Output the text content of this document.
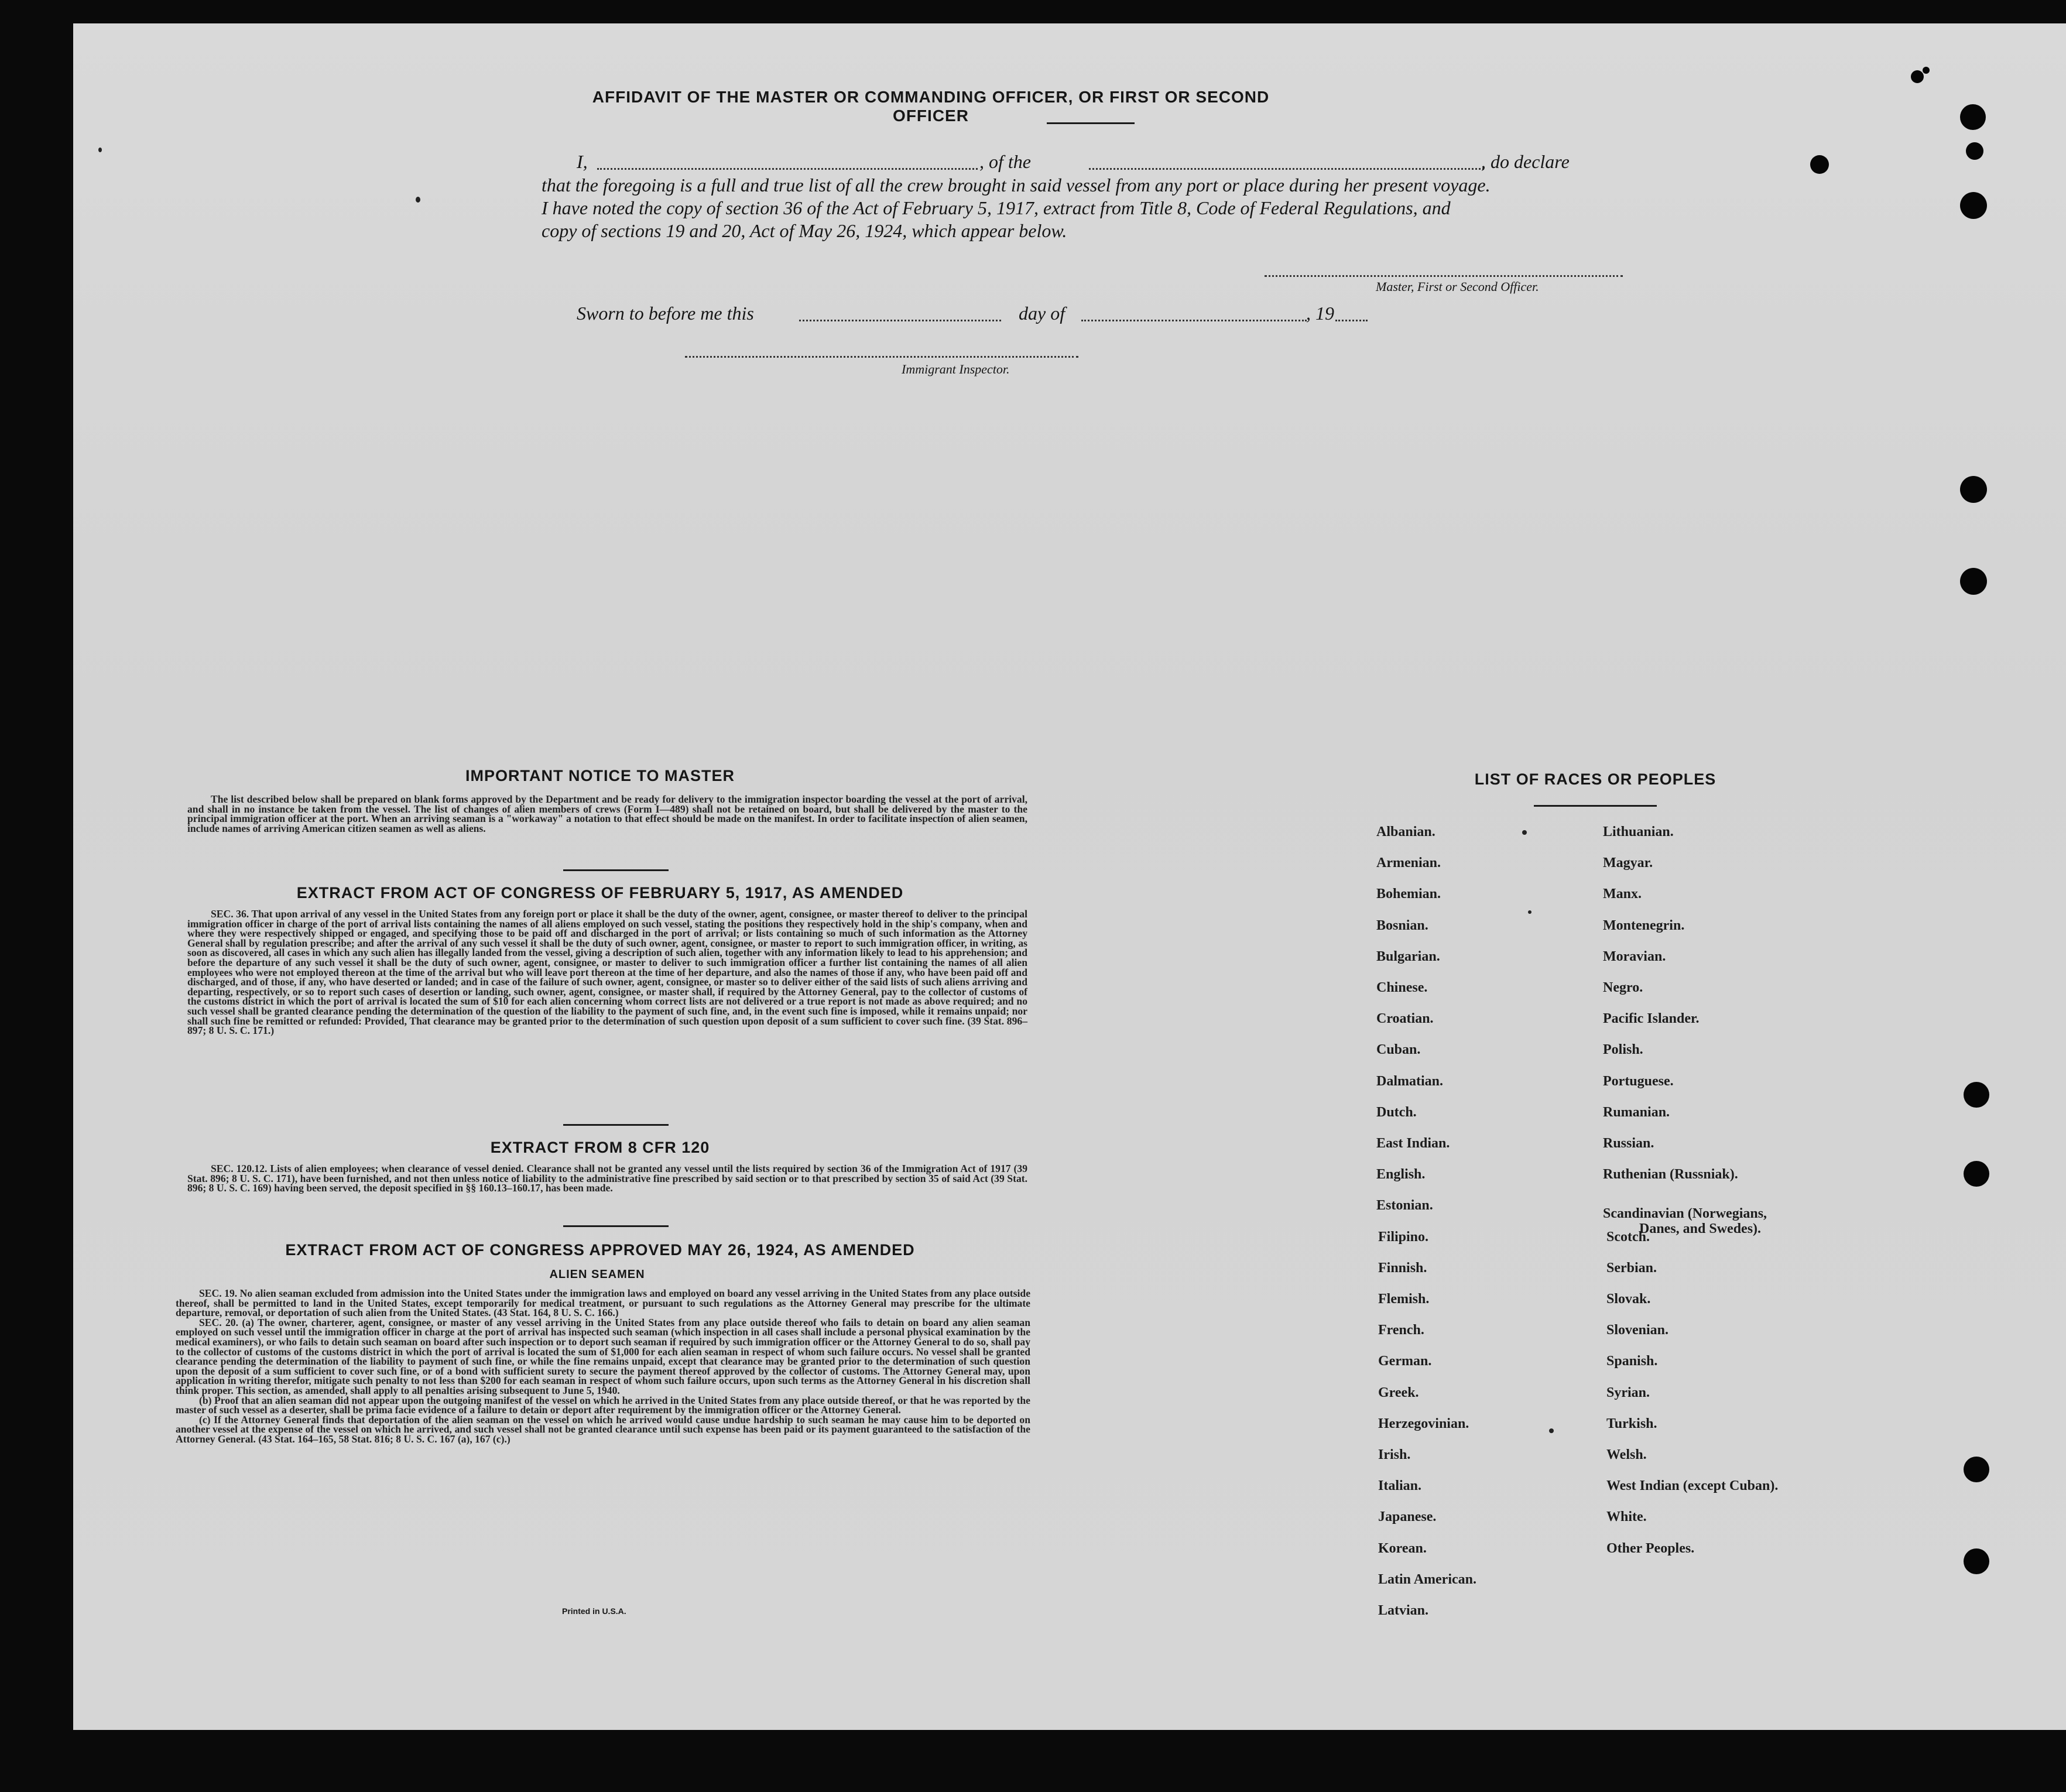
AFFIDAVIT OF THE MASTER OR COMMANDING OFFICER, OR FIRST OR SECOND OFFICER
I,	, of the	, do declare
that the foregoing is a full and true list of all the crew brought in said vessel from any port or place during her present voyage.
I have noted the copy of section 36 of the Act of February 5, 1917, extract from Title 8, Code of Federal Regulations, and
copy of sections 19 and 20, Act of May 26, 1924, which appear below.
Master, First or Second Officer.
Sworn to before me this	day of	, 19
Immigrant Inspector.
IMPORTANT NOTICE TO MASTER

The list described below shall be prepared on blank forms approved by the Department and be ready for delivery to the immigration inspector boarding the vessel at the port of arrival, and shall in no instance be taken from the vessel. The list of changes of alien members of crews (Form I—489) shall not be retained on board, but shall be delivered by the master to the principal immigration officer at the port. When an arriving seaman is a "workaway" a notation to that effect should be made on the manifest. In order to facilitate inspection of alien seamen, include names of arriving American citizen seamen as well as aliens.

EXTRACT FROM ACT OF CONGRESS OF FEBRUARY 5, 1917, AS AMENDED

SEC. 36. That upon arrival of any vessel in the United States from any foreign port or place it shall be the duty of the owner, agent, consignee, or master thereof to deliver to the principal immigration officer in charge of the port of arrival lists containing the names of all aliens employed on such vessel, stating the positions they respectively hold in the ship's company, when and where they were respectively shipped or engaged, and specifying those to be paid off and discharged in the port of arrival; or lists containing so much of such information as the Attorney General shall by regulation prescribe; and after the arrival of any such vessel it shall be the duty of such owner, agent, consignee, or master to report to such immigration officer, in writing, as soon as discovered, all cases in which any such alien has illegally landed from the vessel, giving a description of such alien, together with any information likely to lead to his apprehension; and before the departure of any such vessel it shall be the duty of such owner, agent, consignee, or master to deliver to such immigration officer a further list containing the names of all alien employees who were not employed thereon at the time of the arrival but who will leave port thereon at the time of her departure, and also the names of those if any, who have been paid off and discharged, and of those, if any, who have deserted or landed; and in case of the failure of such owner, agent, consignee, or master so to deliver either of the said lists of such aliens arriving and departing, respectively, or so to report such cases of desertion or landing, such owner, agent, consignee, or master shall, if required by the Attorney General, pay to the collector of customs of the customs district in which the port of arrival is located the sum of $10 for each alien concerning whom correct lists are not delivered or a true report is not made as above required; and no such vessel shall be granted clearance pending the determination of the question of the liability to the payment of such fine, and, in the event such fine is imposed, while it remains unpaid; nor shall such fine be remitted or refunded: Provided, That clearance may be granted prior to the determination of such question upon deposit of a sum sufficient to cover such fine. (39 Stat. 896–897; 8 U. S. C. 171.)

EXTRACT FROM 8 CFR 120

SEC. 120.12. Lists of alien employees; when clearance of vessel denied. Clearance shall not be granted any vessel until the lists required by section 36 of the Immigration Act of 1917 (39 Stat. 896; 8 U. S. C. 171), have been furnished, and not then unless notice of liability to the administrative fine prescribed by said section or to that prescribed by section 35 of said Act (39 Stat. 896; 8 U. S. C. 169) having been served, the deposit specified in §§ 160.13–160.17, has been made.

EXTRACT FROM ACT OF CONGRESS APPROVED MAY 26, 1924, AS AMENDED
ALIEN SEAMEN

SEC. 19. No alien seaman excluded from admission into the United States under the immigration laws and employed on board any vessel arriving in the United States from any place outside thereof, shall be permitted to land in the United States, except temporarily for medical treatment, or pursuant to such regulations as the Attorney General may prescribe for the ultimate departure, removal, or deportation of such alien from the United States. (43 Stat. 164, 8 U. S. C. 166.)

SEC. 20. (a) The owner, charterer, agent, consignee, or master of any vessel arriving in the United States from any place outside thereof who fails to detain on board any alien seaman employed on such vessel until the immigration officer in charge at the port of arrival has inspected such seaman (which inspection in all cases shall include a personal physical examination by the medical examiners), or who fails to detain such seaman on board after such inspection or to deport such seaman if required by such immigration officer or the Attorney General to do so, shall pay to the collector of customs of the customs district in which the port of arrival is located the sum of $1,000 for each alien seaman in respect of whom such failure occurs. No vessel shall be granted clearance pending the determination of the liability to payment of such fine, or while the fine remains unpaid, except that clearance may be granted prior to the determination of such question upon the deposit of a sum sufficient to cover such fine, or of a bond with sufficient surety to secure the payment thereof approved by the collector of customs. The Attorney General may, upon application in writing therefor, mitigate such penalty to not less than $200 for each seaman in respect of whom such failure occurs, upon such terms as the Attorney General in his discretion shall think proper. This section, as amended, shall apply to all penalties arising subsequent to June 5, 1940.

(b) Proof that an alien seaman did not appear upon the outgoing manifest of the vessel on which he arrived in the United States from any place outside thereof, or that he was reported by the master of such vessel as a deserter, shall be prima facie evidence of a failure to detain or deport after requirement by the immigration officer or the Attorney General.

(c) If the Attorney General finds that deportation of the alien seaman on the vessel on which he arrived would cause undue hardship to such seaman he may cause him to be deported on another vessel at the expense of the vessel on which he arrived, and such vessel shall not be granted clearance until such expense has been paid or its payment guaranteed to the satisfaction of the Attorney General. (43 Stat. 164–165, 58 Stat. 816; 8 U. S. C. 167 (a), 167 (c).)

Printed in U.S.A.
LIST OF RACES OR PEOPLES
Albanian.
Armenian.
Bohemian.
Bosnian.
Bulgarian.
Chinese.
Croatian.
Cuban.
Dalmatian.
Dutch.
East Indian.
English.
Estonian.
Filipino.
Finnish.
Flemish.
French.
German.
Greek.
Herzegovinian.
Irish.
Italian.
Japanese.
Korean.
Latin American.
Latvian.
Lithuanian.
Magyar.
Manx.
Montenegrin.
Moravian.
Negro.
Pacific Islander.
Polish.
Portuguese.
Rumanian.
Russian.
Ruthenian (Russniak).
Scandinavian (Norwegians,
Danes, and Swedes).
Scotch.
Serbian.
Slovak.
Slovenian.
Spanish.
Syrian.
Turkish.
Welsh.
West Indian (except Cuban).
White.
Other Peoples.
